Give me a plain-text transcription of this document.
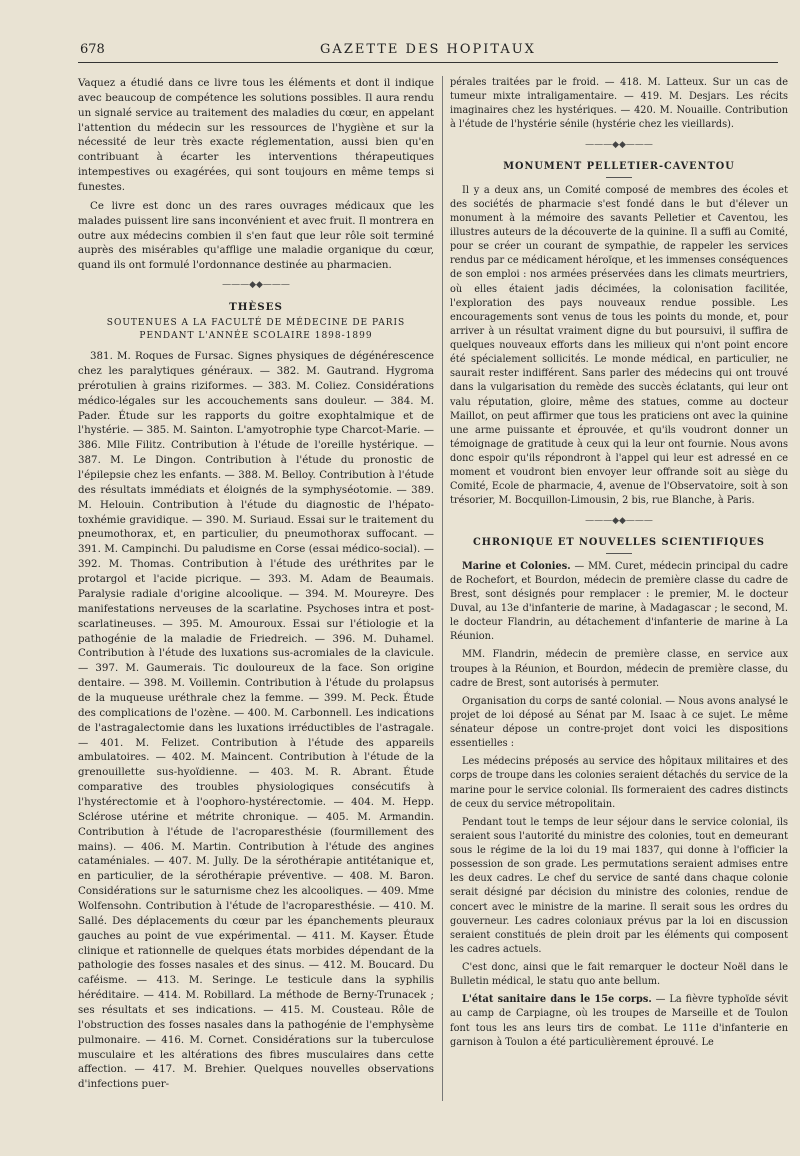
678	GAZETTE DES HOPITAUX

Vaquez a étudié dans ce livre tous les éléments et dont il indique avec beaucoup de compétence les solutions possibles. Il aura rendu un signalé service au traitement des maladies du cœur, en appelant l'attention du médecin sur les ressources de l'hygiène et sur la nécessité de leur très exacte réglementation, aussi bien qu'en contribuant à écarter les interventions thérapeutiques intempestives ou exagérées, qui sont toujours en même temps si funestes.

Ce livre est donc un des rares ouvrages médicaux que les malades puissent lire sans inconvénient et avec fruit. Il montrera en outre aux médecins combien il s'en faut que leur rôle soit terminé auprès des misérables qu'afflige une maladie organique du cœur, quand ils ont formulé l'ordonnance destinée au pharmacien.

———◆◆———
THÈSES
SOUTENUES A LA FACULTÉ DE MÉDECINE DE PARIS
PENDANT L'ANNÉE SCOLAIRE 1898-1899

381. M. Roques de Fursac. Signes physiques de dégénérescence chez les paralytiques généraux. — 382. M. Gautrand. Hygroma prérotulien à grains riziformes. — 383. M. Coliez. Considérations médico-légales sur les accouchements sans douleur. — 384. M. Pader. Étude sur les rapports du goitre exophtalmique et de l'hystérie. — 385. M. Sainton. L'amyotrophie type Charcot-Marie. — 386. Mlle Filitz. Contribution à l'étude de l'oreille hystérique. — 387. M. Le Dingon. Contribution à l'étude du pronostic de l'épilepsie chez les enfants. — 388. M. Belloy. Contribution à l'étude des résultats immédiats et éloignés de la symphyséotomie. — 389. M. Helouin. Contribution à l'étude du diagnostic de l'hépato-toxhémie gravidique. — 390. M. Suriaud. Essai sur le traitement du pneumothorax, et, en particulier, du pneumothorax suffocant. — 391. M. Campinchi. Du paludisme en Corse (essai médico-social). — 392. M. Thomas. Contribution à l'étude des uréthrites par le protargol et l'acide picrique. — 393. M. Adam de Beaumais. Paralysie radiale d'origine alcoolique. — 394. M. Moureyre. Des manifestations nerveuses de la scarlatine. Psychoses intra et post-scarlatineuses. — 395. M. Amouroux. Essai sur l'étiologie et la pathogénie de la maladie de Friedreich. — 396. M. Duhamel. Contribution à l'étude des luxations sus-acromiales de la clavicule. — 397. M. Gaumerais. Tic douloureux de la face. Son origine dentaire. — 398. M. Voillemin. Contribution à l'étude du prolapsus de la muqueuse uréthrale chez la femme. — 399. M. Peck. Étude des complications de l'ozène. — 400. M. Carbonnell. Les indications de l'astragalectomie dans les luxations irréductibles de l'astragale. — 401. M. Felizet. Contribution à l'étude des appareils ambulatoires. — 402. M. Maincent. Contribution à l'étude de la grenouillette sus-hyoïdienne. — 403. M. R. Abrant. Étude comparative des troubles physiologiques consécutifs à l'hystérectomie et à l'oophoro-hystérectomie. — 404. M. Hepp. Sclérose utérine et métrite chronique. — 405. M. Armandin. Contribution à l'étude de l'acroparesthésie (fourmillement des mains). — 406. M. Martin. Contribution à l'étude des angines cataméniales. — 407. M. Jully. De la sérothérapie antitétanique et, en particulier, de la sérothérapie préventive. — 408. M. Baron. Considérations sur le saturnisme chez les alcooliques. — 409. Mme Wolfensohn. Contribution à l'étude de l'acroparesthésie. — 410. M. Sallé. Des déplacements du cœur par les épanchements pleuraux gauches au point de vue expérimental. — 411. M. Kayser. Étude clinique et rationnelle de quelques états morbides dépendant de la pathologie des fosses nasales et des sinus. — 412. M. Boucard. Du caféisme. — 413. M. Seringe. Le testicule dans la syphilis héréditaire. — 414. M. Robillard. La méthode de Berny-Trunacek ; ses résultats et ses indications. — 415. M. Cousteau. Rôle de l'obstruction des fosses nasales dans la pathogénie de l'emphysème pulmonaire. — 416. M. Cornet. Considérations sur la tuberculose musculaire et les altérations des fibres musculaires dans cette affection. — 417. M. Brehier. Quelques nouvelles observations d'infections puer-

pérales traitées par le froid. — 418. M. Latteux. Sur un cas de tumeur mixte intraligamentaire. — 419. M. Desjars. Les récits imaginaires chez les hystériques. — 420. M. Nouaille. Contribution à l'étude de l'hystérie sénile (hystérie chez les vieillards).

———◆◆———
MONUMENT PELLETIER-CAVENTOU

Il y a deux ans, un Comité composé de membres des écoles et des sociétés de pharmacie s'est fondé dans le but d'élever un monument à la mémoire des savants Pelletier et Caventou, les illustres auteurs de la découverte de la quinine. Il a suffi au Comité, pour se créer un courant de sympathie, de rappeler les services rendus par ce médicament héroïque, et les immenses conséquences de son emploi : nos armées préservées dans les climats meurtriers, où elles étaient jadis décimées, la colonisation facilitée, l'exploration des pays nouveaux rendue possible. Les encouragements sont venus de tous les points du monde, et, pour arriver à un résultat vraiment digne du but poursuivi, il suffira de quelques nouveaux efforts dans les milieux qui n'ont point encore été spécialement sollicités. Le monde médical, en particulier, ne saurait rester indifférent. Sans parler des médecins qui ont trouvé dans la vulgarisation du remède des succès éclatants, qui leur ont valu réputation, gloire, même des statues, comme au docteur Maillot, on peut affirmer que tous les praticiens ont avec la quinine une arme puissante et éprouvée, et qu'ils voudront donner un témoignage de gratitude à ceux qui la leur ont fournie. Nous avons donc espoir qu'ils répondront à l'appel qui leur est adressé en ce moment et voudront bien envoyer leur offrande soit au siège du Comité, Ecole de pharmacie, 4, avenue de l'Observatoire, soit à son trésorier, M. Bocquillon-Limousin, 2 bis, rue Blanche, à Paris.

———◆◆———
CHRONIQUE ET NOUVELLES SCIENTIFIQUES

Marine et Colonies. — MM. Curet, médecin principal du cadre de Rochefort, et Bourdon, médecin de première classe du cadre de Brest, sont désignés pour remplacer : le premier, M. le docteur Duval, au 13e d'infanterie de marine, à Madagascar ; le second, M. le docteur Flandrin, au détachement d'infanterie de marine à La Réunion.

MM. Flandrin, médecin de première classe, en service aux troupes à la Réunion, et Bourdon, médecin de première classe, du cadre de Brest, sont autorisés à permuter.

Organisation du corps de santé colonial. — Nous avons analysé le projet de loi déposé au Sénat par M. Isaac à ce sujet. Le même sénateur dépose un contre-projet dont voici les dispositions essentielles :

Les médecins préposés au service des hôpitaux militaires et des corps de troupe dans les colonies seraient détachés du service de la marine pour le service colonial. Ils formeraient des cadres distincts de ceux du service métropolitain.

Pendant tout le temps de leur séjour dans le service colonial, ils seraient sous l'autorité du ministre des colonies, tout en demeurant sous le régime de la loi du 19 mai 1837, qui donne à l'officier la possession de son grade. Les permutations seraient admises entre les deux cadres. Le chef du service de santé dans chaque colonie serait désigné par décision du ministre des colonies, rendue de concert avec le ministre de la marine. Il serait sous les ordres du gouverneur. Les cadres coloniaux prévus par la loi en discussion seraient constitués de plein droit par les éléments qui composent les cadres actuels.

C'est donc, ainsi que le fait remarquer le docteur Noël dans le Bulletin médical, le statu quo ante bellum.

L'état sanitaire dans le 15e corps. — La fièvre typhoïde sévit au camp de Carpiagne, où les troupes de Marseille et de Toulon font tous les ans leurs tirs de combat. Le 111e d'infanterie en garnison à Toulon a été particulièrement éprouvé. Le
